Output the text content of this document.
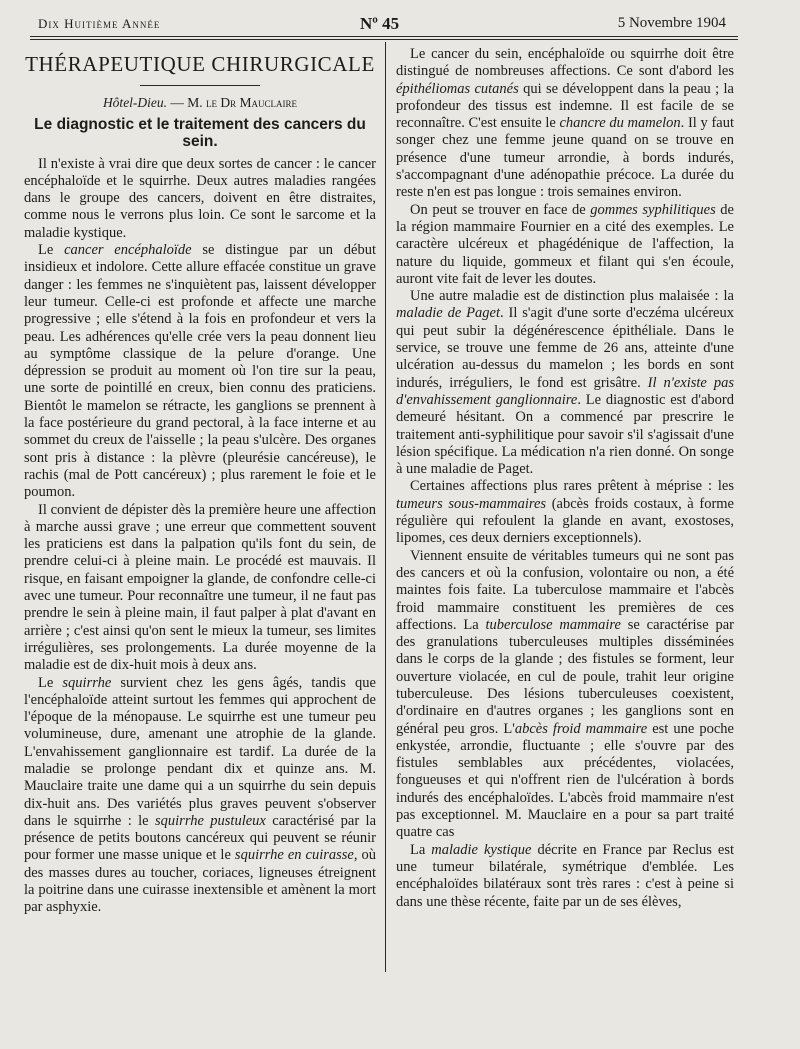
Dix Huitième Année	Nº 45	5 Novembre 1904
THÉRAPEUTIQUE CHIRURGICALE
Hôtel-Dieu. — M. le Dr Mauclaire
Le diagnostic et le traitement des cancers du sein.

Il n'existe à vrai dire que deux sortes de cancer : le cancer encéphaloïde et le squirrhe. Deux autres maladies rangées dans le groupe des cancers, doivent en être distraites, comme nous le verrons plus loin. Ce sont le sarcome et la maladie kystique.

Le cancer encéphaloïde se distingue par un début insidieux et indolore. Cette allure effacée constitue un grave danger : les femmes ne s'inquiètent pas, laissent développer leur tumeur. Celle-ci est profonde et affecte une marche progressive ; elle s'étend à la fois en profondeur et vers la peau. Les adhérences qu'elle crée vers la peau donnent lieu au symptôme classique de la pelure d'orange. Une dépression se produit au moment où l'on tire sur la peau, une sorte de pointillé en creux, bien connu des praticiens. Bientôt le mamelon se rétracte, les ganglions se prennent à la face postérieure du grand pectoral, à la face interne et au sommet du creux de l'aisselle ; la peau s'ulcère. Des organes sont pris à distance : la plèvre (pleurésie cancéreuse), le rachis (mal de Pott cancéreux) ; plus rarement le foie et le poumon.

Il convient de dépister dès la première heure une affection à marche aussi grave ; une erreur que commettent souvent les praticiens est dans la palpation qu'ils font du sein, de prendre celui-ci à pleine main. Le procédé est mauvais. Il risque, en faisant empoigner la glande, de confondre celle-ci avec une tumeur. Pour reconnaître une tumeur, il ne faut pas prendre le sein à pleine main, il faut palper à plat d'avant en arrière ; c'est ainsi qu'on sent le mieux la tumeur, ses limites irrégulières, ses prolongements. La durée moyenne de la maladie est de dix-huit mois à deux ans.

Le squirrhe survient chez les gens âgés, tandis que l'encéphaloïde atteint surtout les femmes qui approchent de l'époque de la ménopause. Le squirrhe est une tumeur peu volumineuse, dure, amenant une atrophie de la glande. L'envahissement ganglionnaire est tardif. La durée de la maladie se prolonge pendant dix et quinze ans. M. Mauclaire traite une dame qui a un squirrhe du sein depuis dix-huit ans. Des variétés plus graves peuvent s'observer dans le squirrhe : le squirrhe pustuleux caractérisé par la présence de petits boutons cancéreux qui peuvent se réunir pour former une masse unique et le squirrhe en cuirasse, où des masses dures au toucher, coriaces, ligneuses étreignent la poitrine dans une cuirasse inextensible et amènent la mort par asphyxie.

Le cancer du sein, encéphaloïde ou squirrhe doit être distingué de nombreuses affections. Ce sont d'abord les épithéliomas cutanés qui se développent dans la peau ; la profondeur des tissus est indemne. Il est facile de se reconnaître. C'est ensuite le chancre du mamelon. Il y faut songer chez une femme jeune quand on se trouve en présence d'une tumeur arrondie, à bords indurés, s'accompagnant d'une adénopathie précoce. La durée du reste n'en est pas longue : trois semaines environ.

On peut se trouver en face de gommes syphilitiques de la région mammaire Fournier en a cité des exemples. Le caractère ulcéreux et phagédénique de l'affection, la nature du liquide, gommeux et filant qui s'en écoule, auront vite fait de lever les doutes.

Une autre maladie est de distinction plus malaisée : la maladie de Paget. Il s'agit d'une sorte d'eczéma ulcéreux qui peut subir la dégénérescence épithéliale. Dans le service, se trouve une femme de 26 ans, atteinte d'une ulcération au-dessus du mamelon ; les bords en sont indurés, irréguliers, le fond est grisâtre. Il n'existe pas d'envahissement ganglionnaire. Le diagnostic est d'abord demeuré hésitant. On a commencé par prescrire le traitement anti-syphilitique pour savoir s'il s'agissait d'une lésion spécifique. La médication n'a rien donné. On songe à une maladie de Paget.

Certaines affections plus rares prêtent à méprise : les tumeurs sous-mammaires (abcès froids costaux, à forme régulière qui refoulent la glande en avant, exostoses, lipomes, ces deux derniers exceptionnels).

Viennent ensuite de véritables tumeurs qui ne sont pas des cancers et où la confusion, volontaire ou non, a été maintes fois faite. La tuberculose mammaire et l'abcès froid mammaire constituent les premières de ces affections. La tuberculose mammaire se caractérise par des granulations tuberculeuses multiples disséminées dans le corps de la glande ; des fistules se forment, leur ouverture violacée, en cul de poule, trahit leur origine tuberculeuse. Des lésions tuberculeuses coexistent, d'ordinaire en d'autres organes ; les ganglions sont en général peu gros. L'abcès froid mammaire est une poche enkystée, arrondie, fluctuante ; elle s'ouvre par des fistules semblables aux précédentes, violacées, fongueuses et qui n'offrent rien de l'ulcération à bords indurés des encéphaloïdes. L'abcès froid mammaire n'est pas exceptionnel. M. Mauclaire en a pour sa part traité quatre cas

La maladie kystique décrite en France par Reclus est une tumeur bilatérale, symétrique d'emblée. Les encéphaloïdes bilatéraux sont très rares : c'est à peine si dans une thèse récente, faite par un de ses élèves,
